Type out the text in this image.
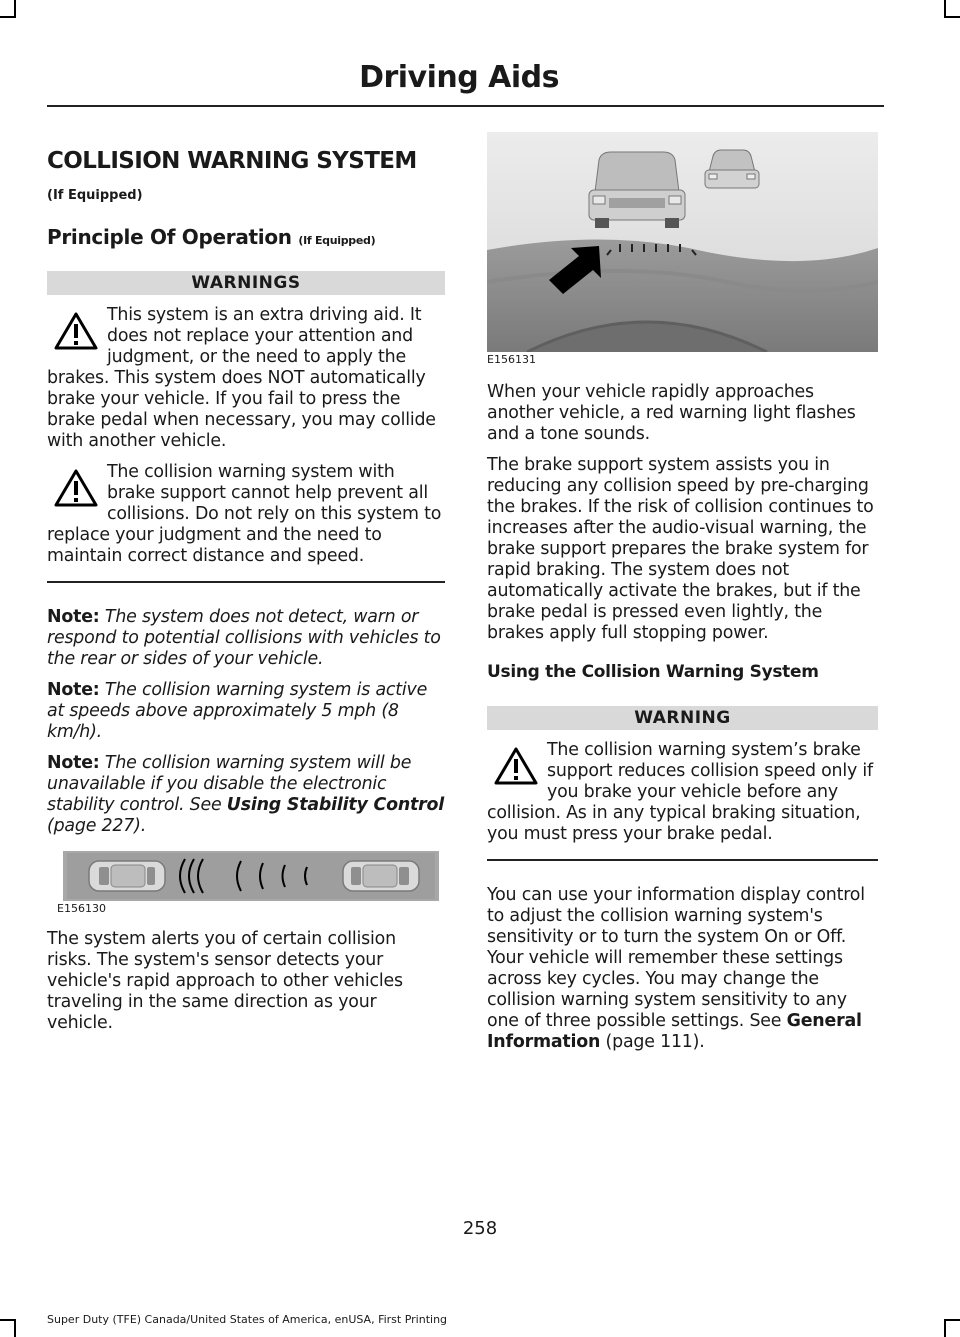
Driving Aids
COLLISION WARNING SYSTEM
(If Equipped)
Principle Of Operation (If Equipped)
WARNINGS

This system is an extra driving aid. It does not replace your attention and judgment, or the need to apply the brakes. This system does NOT automatically brake your vehicle. If you fail to press the brake pedal when necessary, you may collide with another vehicle.

The collision warning system with brake support cannot help prevent all collisions. Do not rely on this system to replace your judgment and the need to maintain correct distance and speed.

Note: The system does not detect, warn or respond to potential collisions with vehicles to the rear or sides of your vehicle.

Note: The collision warning system is active at speeds above approximately 5 mph (8 km/h).

Note: The collision warning system will be unavailable if you disable the electronic stability control. See Using Stability Control (page 227).

E156130

The system alerts you of certain collision risks. The system's sensor detects your vehicle's rapid approach to other vehicles traveling in the same direction as your vehicle.

E156131

When your vehicle rapidly approaches another vehicle, a red warning light flashes and a tone sounds.

The brake support system assists you in reducing any collision speed by pre-charging the brakes. If the risk of collision continues to increases after the audio-visual warning, the brake support prepares the brake system for rapid braking. The system does not automatically activate the brakes, but if the brake pedal is pressed even lightly, the brakes apply full stopping power.

Using the Collision Warning System
WARNING

The collision warning system’s brake support reduces collision speed only if you brake your vehicle before any collision. As in any typical braking situation, you must press your brake pedal.

You can use your information display control to adjust the collision warning system's sensitivity or to turn the system On or Off. Your vehicle will remember these settings across key cycles. You may change the collision warning system sensitivity to any one of three possible settings. See General Information (page 111).

258
Super Duty (TFE) Canada/United States of America, enUSA, First Printing
